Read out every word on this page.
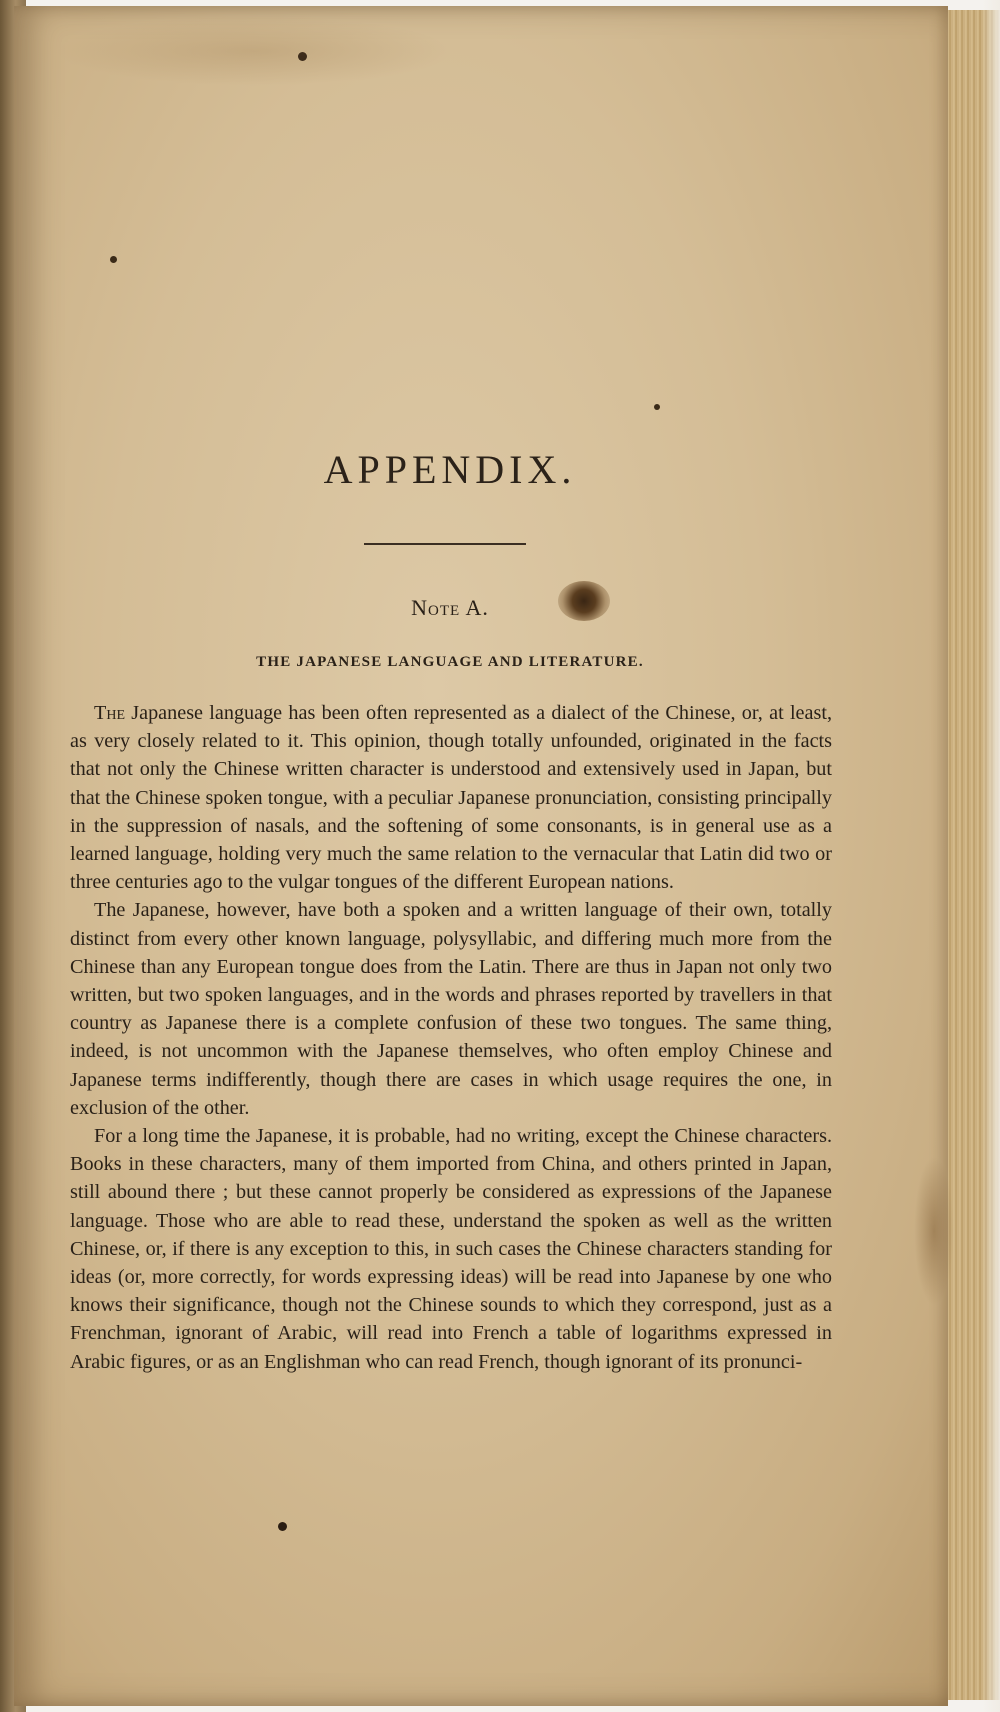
APPENDIX.
Note A.
THE JAPANESE LANGUAGE AND LITERATURE.

The Japanese language has been often represented as a dialect of the Chinese, or, at least, as very closely related to it. This opinion, though totally unfounded, originated in the facts that not only the Chinese written character is understood and extensively used in Japan, but that the Chinese spoken tongue, with a peculiar Japanese pronunciation, consisting principally in the suppression of nasals, and the softening of some consonants, is in general use as a learned language, holding very much the same relation to the vernacular that Latin did two or three centuries ago to the vulgar tongues of the different European nations.

The Japanese, however, have both a spoken and a written language of their own, totally distinct from every other known language, polysyllabic, and differing much more from the Chinese than any European tongue does from the Latin. There are thus in Japan not only two written, but two spoken languages, and in the words and phrases reported by travellers in that country as Japanese there is a complete confusion of these two tongues. The same thing, indeed, is not uncommon with the Japanese themselves, who often employ Chinese and Japanese terms indifferently, though there are cases in which usage requires the one, in exclusion of the other.

For a long time the Japanese, it is probable, had no writing, except the Chinese characters. Books in these characters, many of them imported from China, and others printed in Japan, still abound there ; but these cannot properly be considered as expressions of the Japanese language. Those who are able to read these, understand the spoken as well as the written Chinese, or, if there is any exception to this, in such cases the Chinese characters standing for ideas (or, more correctly, for words expressing ideas) will be read into Japanese by one who knows their significance, though not the Chinese sounds to which they correspond, just as a Frenchman, ignorant of Arabic, will read into French a table of logarithms expressed in Arabic figures, or as an Englishman who can read French, though ignorant of its pronunci-
